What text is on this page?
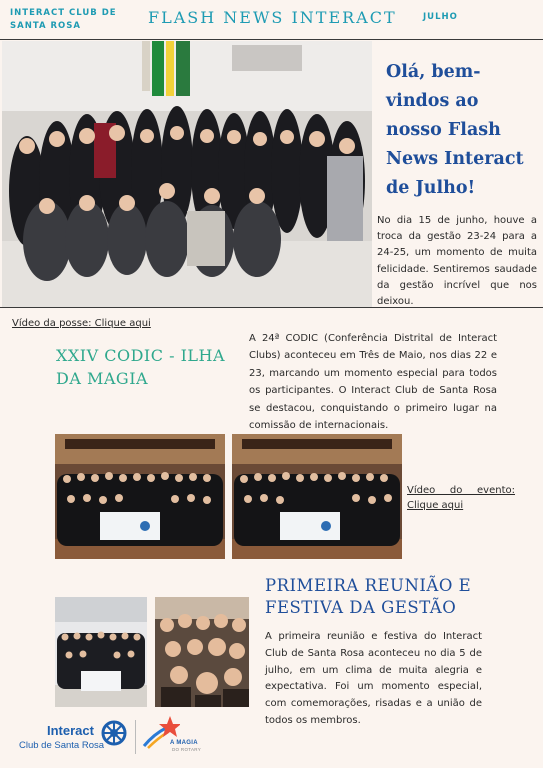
INTERACT CLUB DE SANTA ROSA	FLASH NEWS INTERACT	JULHO
Olá, bem-vindos ao nosso Flash News Interact de Julho!
No dia 15 de junho, houve a troca da gestão 23-24 para a 24-25, um momento de muita felicidade. Sentiremos saudade da gestão incrível que nos deixou.
Vídeo da posse: Clique aqui
XXIV CODIC - ILHA DA MAGIA
A 24ª CODIC (Conferência Distrital de Interact Clubs) aconteceu em Três de Maio, nos dias 22 e 23, marcando um momento especial para todos os participantes. O Interact Club de Santa Rosa se destacou, conquistando o primeiro lugar na comissão de internacionais.
Vídeo do evento: Clique aqui
PRIMEIRA REUNIÃO E FESTIVA DA GESTÃO
A primeira reunião e festiva do Interact Club de Santa Rosa aconteceu no dia 5 de julho, em um clima de muita alegria e expectativa. Foi um momento especial, com comemorações, risadas e a união de todos os membros.
Interact
Club de Santa Rosa	A MAGIA
DO ROTARY
